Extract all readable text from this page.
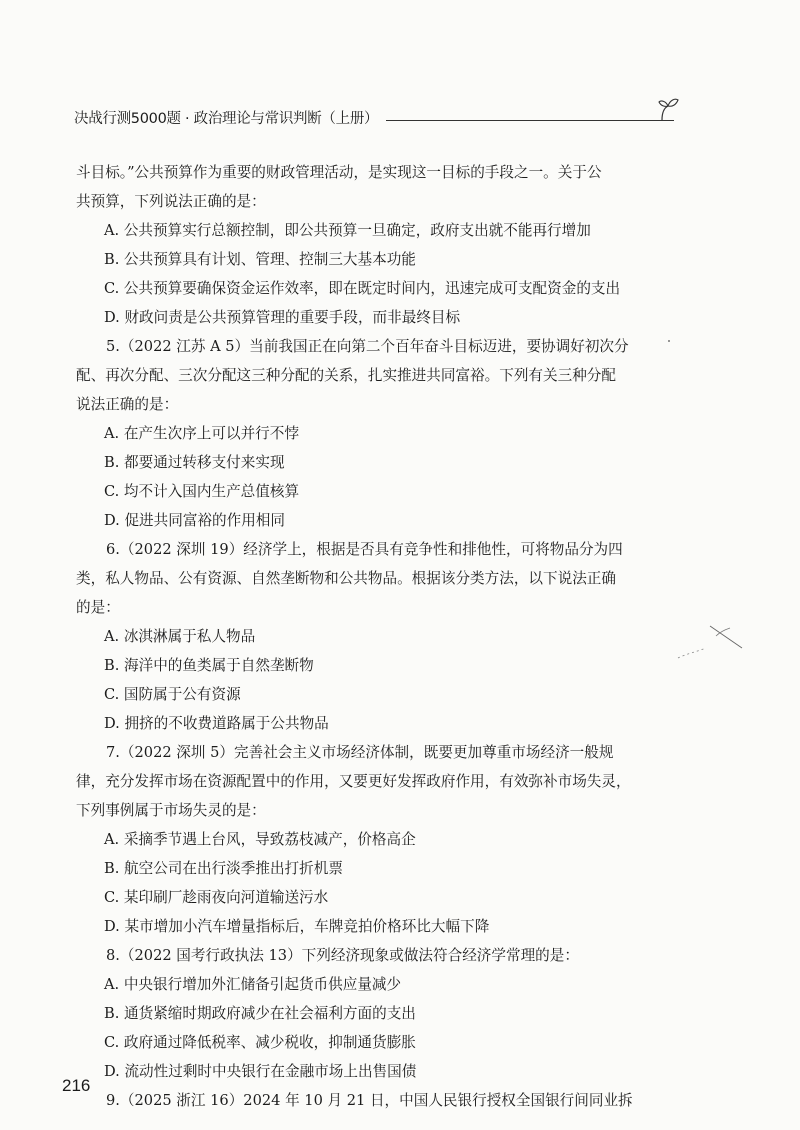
决战行测5000题 · 政治理论与常识判断（上册）
斗目标。”公共预算作为重要的财政管理活动，是实现这一目标的手段之一。关于公
共预算，下列说法正确的是：
A. 公共预算实行总额控制，即公共预算一旦确定，政府支出就不能再行增加
B. 公共预算具有计划、管理、控制三大基本功能
C. 公共预算要确保资金运作效率，即在既定时间内，迅速完成可支配资金的支出
D. 财政问责是公共预算管理的重要手段，而非最终目标
5.（2022 江苏 A 5）当前我国正在向第二个百年奋斗目标迈进，要协调好初次分
配、再次分配、三次分配这三种分配的关系，扎实推进共同富裕。下列有关三种分配
说法正确的是：
A. 在产生次序上可以并行不悖
B. 都要通过转移支付来实现
C. 均不计入国内生产总值核算
D. 促进共同富裕的作用相同
6.（2022 深圳 19）经济学上，根据是否具有竞争性和排他性，可将物品分为四
类，私人物品、公有资源、自然垄断物和公共物品。根据该分类方法，以下说法正确
的是：
A. 冰淇淋属于私人物品
B. 海洋中的鱼类属于自然垄断物
C. 国防属于公有资源
D. 拥挤的不收费道路属于公共物品
7.（2022 深圳 5）完善社会主义市场经济体制，既要更加尊重市场经济一般规
律，充分发挥市场在资源配置中的作用，又要更好发挥政府作用，有效弥补市场失灵，
下列事例属于市场失灵的是：
A. 采摘季节遇上台风，导致荔枝减产，价格高企
B. 航空公司在出行淡季推出打折机票
C. 某印刷厂趁雨夜向河道输送污水
D. 某市增加小汽车增量指标后，车牌竞拍价格环比大幅下降
8.（2022 国考行政执法 13）下列经济现象或做法符合经济学常理的是：
A. 中央银行增加外汇储备引起货币供应量减少
B. 通货紧缩时期政府减少在社会福利方面的支出
C. 政府通过降低税率、减少税收，抑制通货膨胀
D. 流动性过剩时中央银行在金融市场上出售国债
9.（2025 浙江 16）2024 年 10 月 21 日，中国人民银行授权全国银行间同业拆
216
